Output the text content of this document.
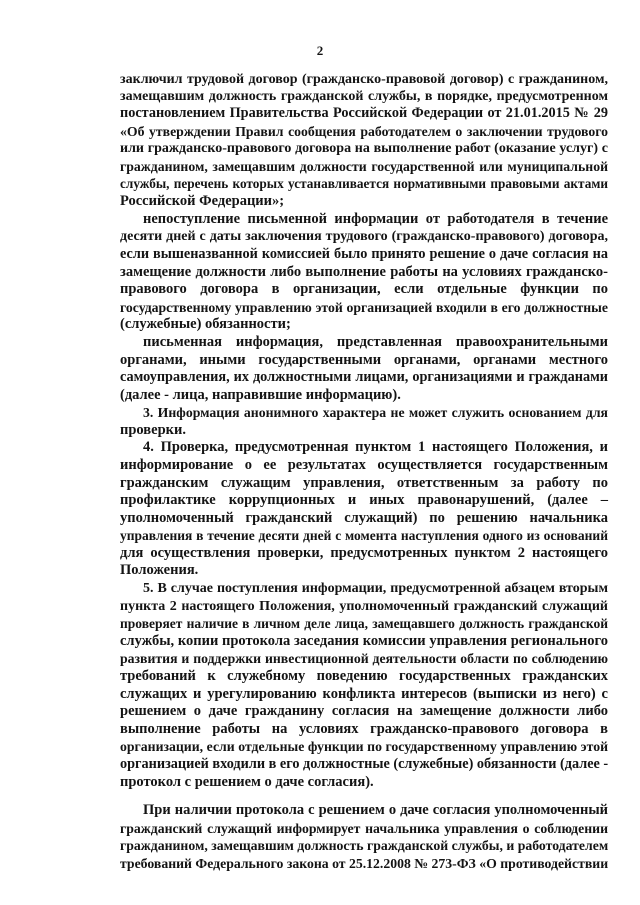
2
заключил трудовой договор (гражданско-правовой договор) с гражданином,
замещавшим должность гражданской службы, в порядке, предусмотренном
постановлением Правительства Российской Федерации от 21.01.2015 № 29
«Об утверждении Правил сообщения работодателем о заключении трудового
или гражданско-правового договора на выполнение работ (оказание услуг) с
гражданином, замещавшим должности государственной или муниципальной
службы, перечень которых устанавливается нормативными правовыми актами
Российской Федерации»;
непоступление письменной информации от работодателя в течение
десяти дней с даты заключения трудового (гражданско-правового) договора,
если вышеназванной комиссией было принято решение о даче согласия на
замещение должности либо выполнение работы на условиях гражданско-
правового договора в организации, если отдельные функции по
государственному управлению этой организацией входили в его должностные
(служебные) обязанности;
письменная информация, представленная правоохранительными
органами, иными государственными органами, органами местного
самоуправления, их должностными лицами, организациями и гражданами
(далее - лица, направившие информацию).
3. Информация анонимного характера не может служить основанием для
проверки.
4. Проверка, предусмотренная пунктом 1 настоящего Положения, и
информирование о ее результатах осуществляется государственным
гражданским служащим управления, ответственным за работу по
профилактике коррупционных и иных правонарушений, (далее –
уполномоченный гражданский служащий) по решению начальника
управления в течение десяти дней с момента наступления одного из оснований
для осуществления проверки, предусмотренных пунктом 2 настоящего
Положения.
5. В случае поступления информации, предусмотренной абзацем вторым
пункта 2 настоящего Положения, уполномоченный гражданский служащий
проверяет наличие в личном деле лица, замещавшего должность гражданской
службы, копии протокола заседания комиссии управления регионального
развития и поддержки инвестиционной деятельности области по соблюдению
требований к служебному поведению государственных гражданских
служащих и урегулированию конфликта интересов (выписки из него) с
решением о даче гражданину согласия на замещение должности либо
выполнение работы на условиях гражданско-правового договора в
организации, если отдельные функции по государственному управлению этой
организацией входили в его должностные (служебные) обязанности (далее -
протокол с решением о даче согласия).
При наличии протокола с решением о даче согласия уполномоченный
гражданский служащий информирует начальника управления о соблюдении
гражданином, замещавшим должность гражданской службы, и работодателем
требований Федерального закона от 25.12.2008 № 273-ФЗ «О противодействии
